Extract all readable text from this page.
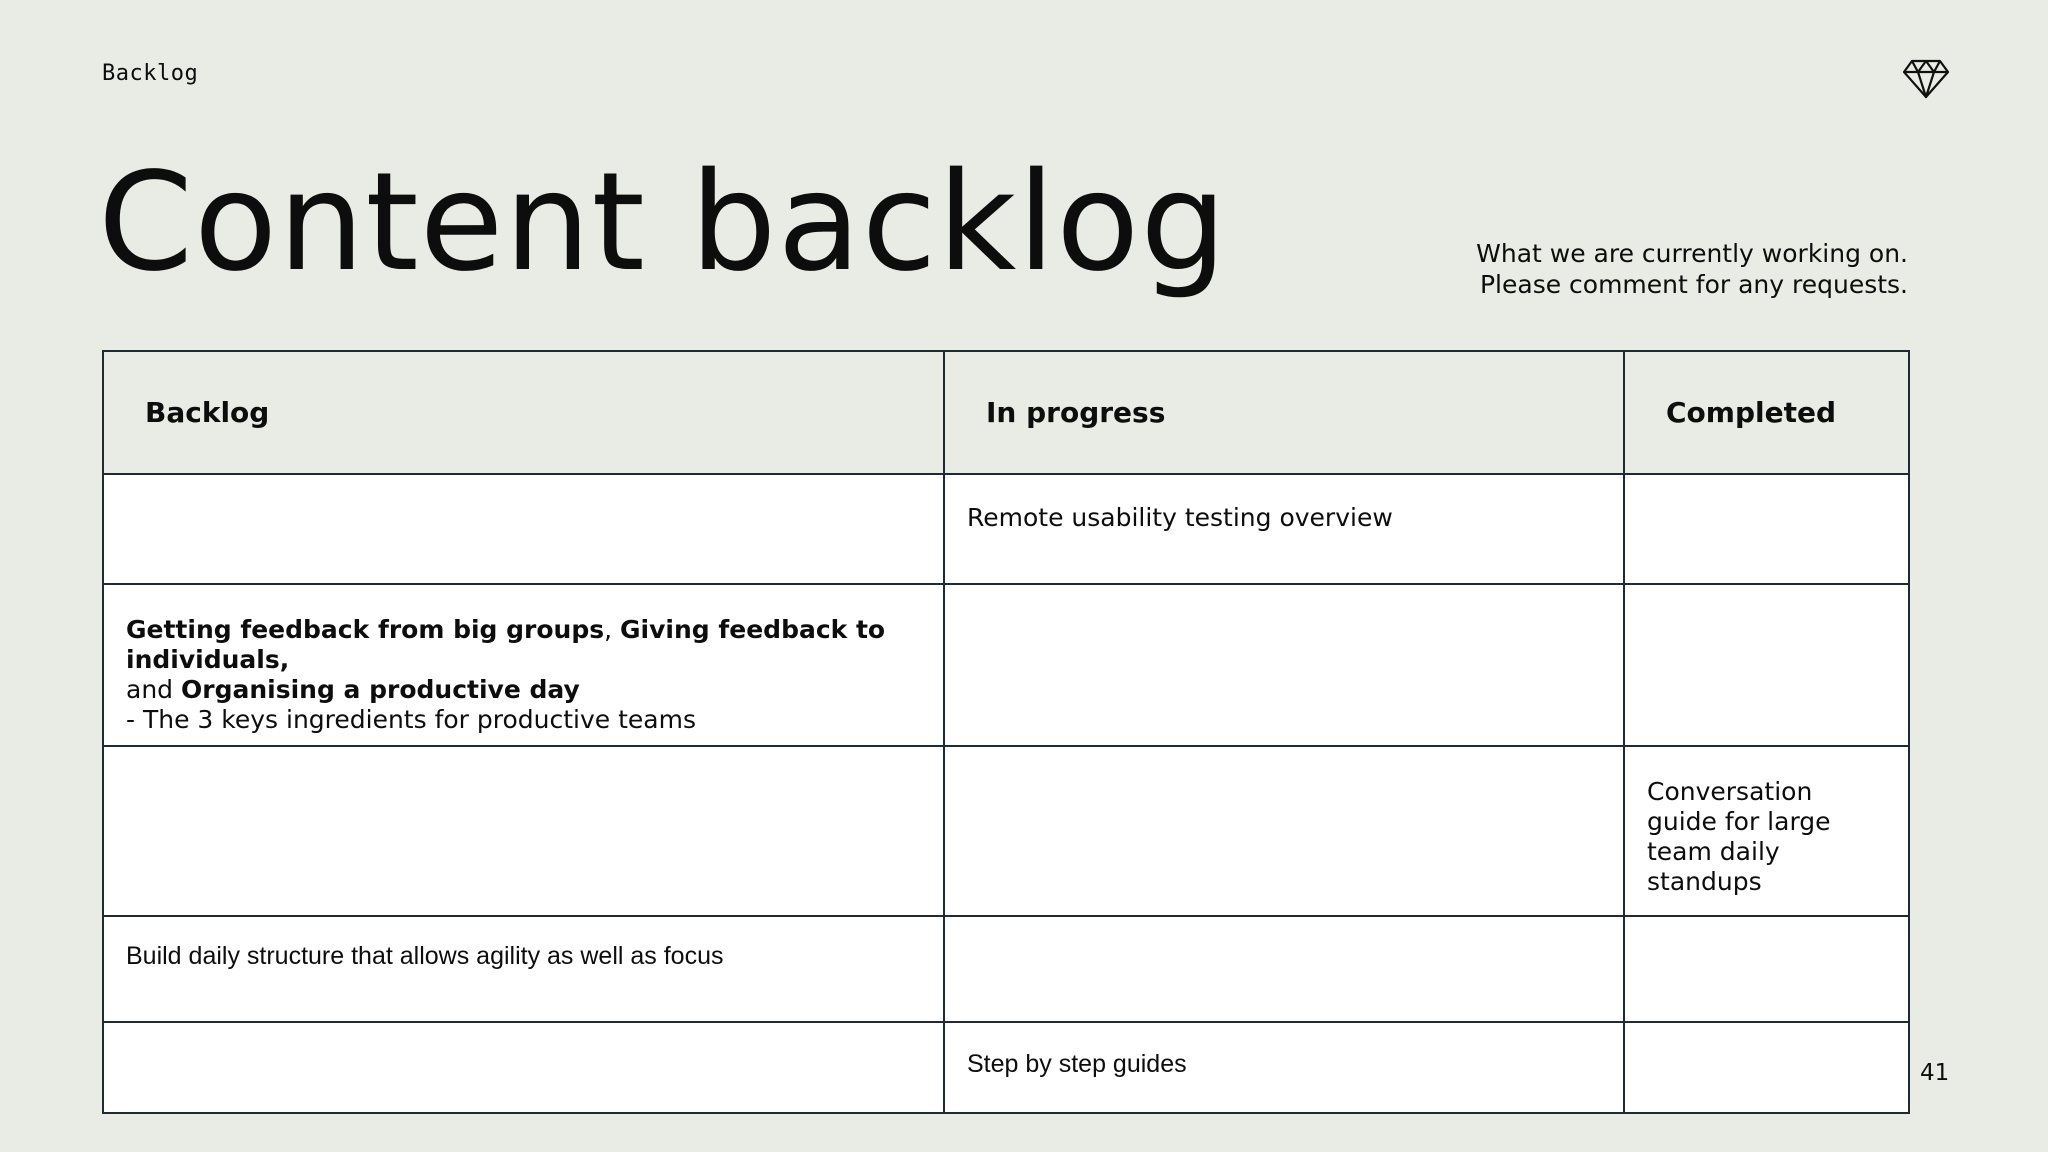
Backlog
Content backlog	What we are currently working on.
Please comment for any requests.
Backlog	In progress	Completed
	Remote usability testing overview	
Getting feedback from big groups, Giving feedback to individuals,
and Organising a productive day
- The 3 keys ingredients for productive teams		

		Conversation guide for large team daily standups
Build daily structure that allows agility as well as focus		
	Step by step guides		41
